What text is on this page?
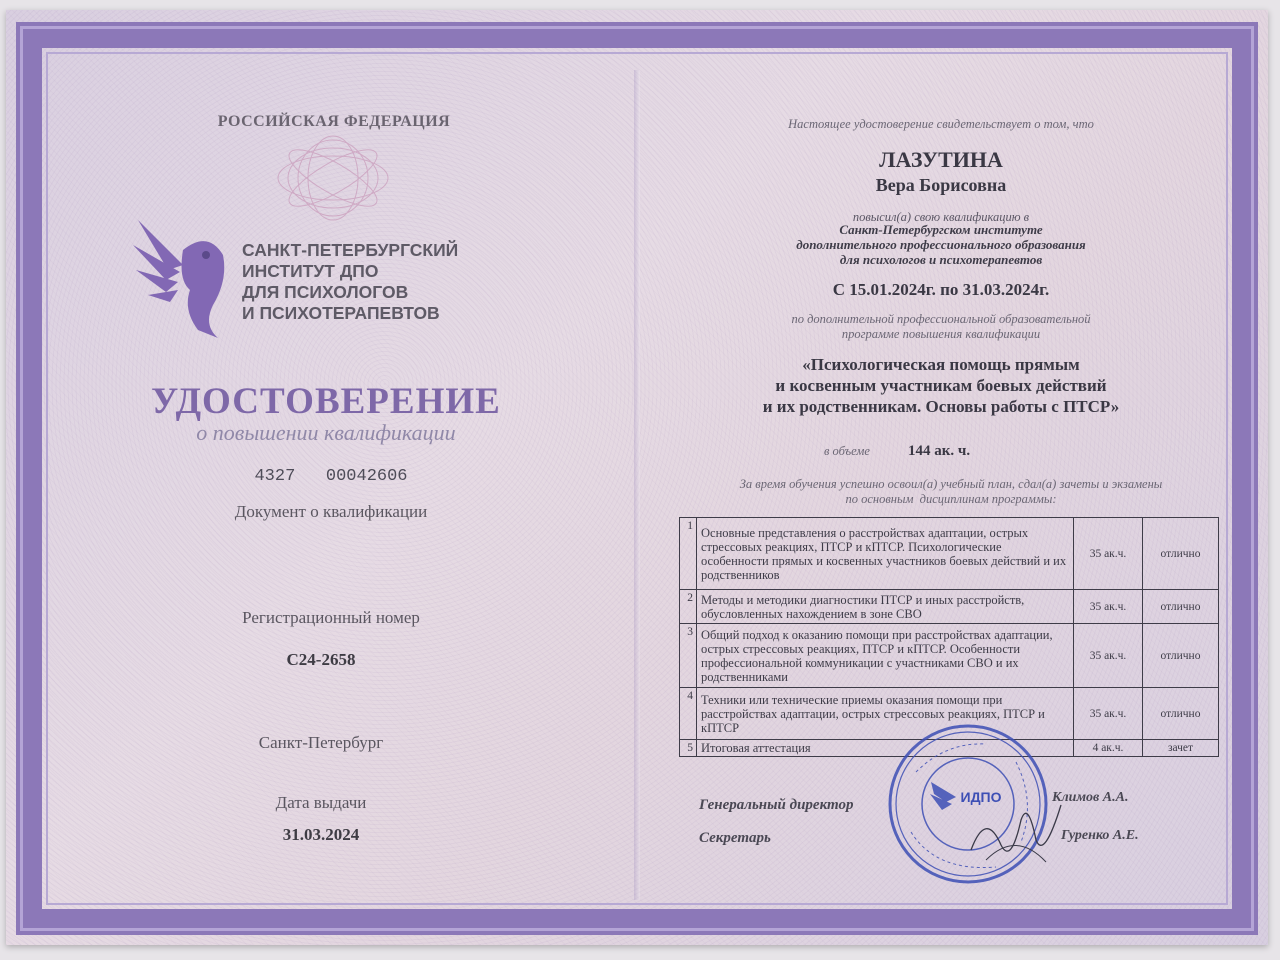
РОССИЙСКАЯ ФЕДЕРАЦИЯ
САНКТ-ПЕТЕРБУРГСКИЙ
ИНСТИТУТ ДПО
ДЛЯ ПСИХОЛОГОВ
И ПСИХОТЕРАПЕВТОВ
УДОСТОВЕРЕНИЕ
о повышении квалификации
4327   00042606
Документ о квалификации
Регистрационный номер
С24-2658
Санкт-Петербург
Дата выдачи
31.03.2024
Настоящее удостоверение свидетельствует о том, что
ЛАЗУТИНА
Вера Борисовна
повысил(а) свою квалификацию в
Санкт-Петербургском институте
дополнительного профессионального образования
для психологов и психотерапевтов
С 15.01.2024г. по 31.03.2024г.
по дополнительной профессиональной образовательной
программе повышения квалификации
«Психологическая помощь прямым
и косвенным участникам боевых действий
и их родственникам. Основы работы с ПТСР»
в объеме	144 ак. ч.
За время обучения успешно освоил(а) учебный план, сдал(а) зачеты и экзамены
по основным  дисциплинам программы:
1	Основные представления о расстройствах адаптации, острых стрессовых реакциях, ПТСР и кПТСР. Психологические особенности прямых и косвенных участников боевых действий и их родственников	35 ак.ч.	отлично
2	Методы и методики диагностики ПТСР и иных расстройств, обусловленных нахождением в зоне СВО	35 ак.ч.	отлично
3	Общий подход к оказанию помощи при расстройствах адаптации, острых стрессовых реакциях, ПТСР и кПТСР. Особенности профессиональной коммуникации с участниками СВО и их родственниками	35 ак.ч.	отлично
4	Техники или технические приемы оказания помощи при расстройствах адаптации, острых стрессовых реакциях, ПТСР и кПТСР	35 ак.ч.	отлично
5	Итоговая аттестация	4 ак.ч.	зачет
Генеральный директор	Климов А.А.
Секретарь	Гуренко А.Е.
ИДПО
